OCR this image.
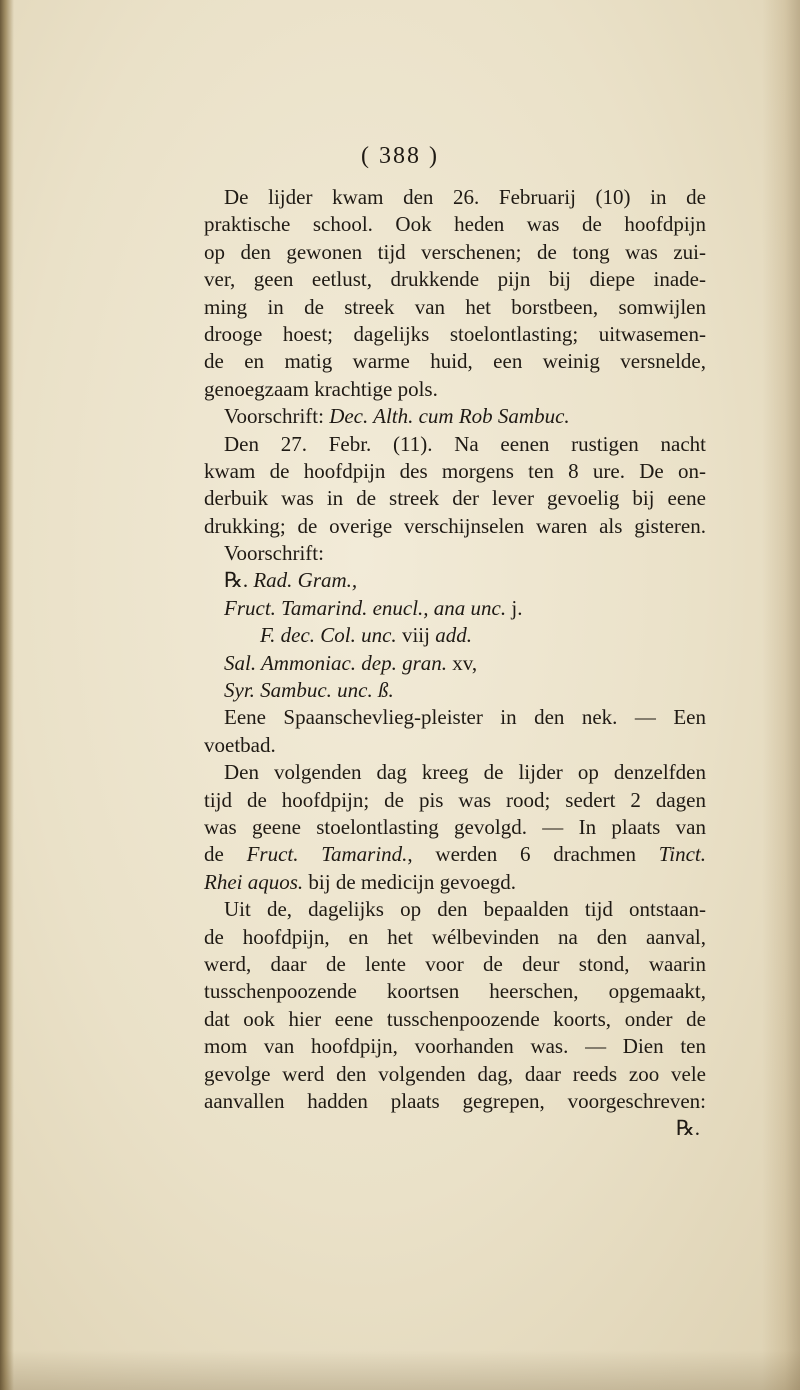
( 388 )
De lijder kwam den 26. Februarij (10) in de
praktische school. Ook heden was de hoofdpijn
op den gewonen tijd verschenen; de tong was zui-
ver, geen eetlust, drukkende pijn bij diepe inade-
ming in de streek van het borstbeen, somwijlen
drooge hoest; dagelijks stoelontlasting; uitwasemen-
de en matig warme huid, een weinig versnelde,
genoegzaam krachtige pols.
Voorschrift: Dec. Alth. cum Rob Sambuc.
Den 27. Febr. (11). Na eenen rustigen nacht
kwam de hoofdpijn des morgens ten 8 ure. De on-
derbuik was in de streek der lever gevoelig bij eene
drukking; de overige verschijnselen waren als gisteren.
Voorschrift:
℞. Rad. Gram.,
Fruct. Tamarind. enucl., ana unc. j.
F. dec. Col. unc. viij add.
Sal. Ammoniac. dep. gran. xv,
Syr. Sambuc. unc. ß.
Eene Spaanschevlieg-pleister in den nek. — Een
voetbad.
Den volgenden dag kreeg de lijder op denzelfden
tijd de hoofdpijn; de pis was rood; sedert 2 dagen
was geene stoelontlasting gevolgd. — In plaats van
de Fruct. Tamarind., werden 6 drachmen Tinct.
Rhei aquos. bij de medicijn gevoegd.
Uit de, dagelijks op den bepaalden tijd ontstaan-
de hoofdpijn, en het wélbevinden na den aanval,
werd, daar de lente voor de deur stond, waarin
tusschenpoozende koortsen heerschen, opgemaakt,
dat ook hier eene tusschenpoozende koorts, onder de
mom van hoofdpijn, voorhanden was. — Dien ten
gevolge werd den volgenden dag, daar reeds zoo vele
aanvallen hadden plaats gegrepen, voorgeschreven:
℞.
